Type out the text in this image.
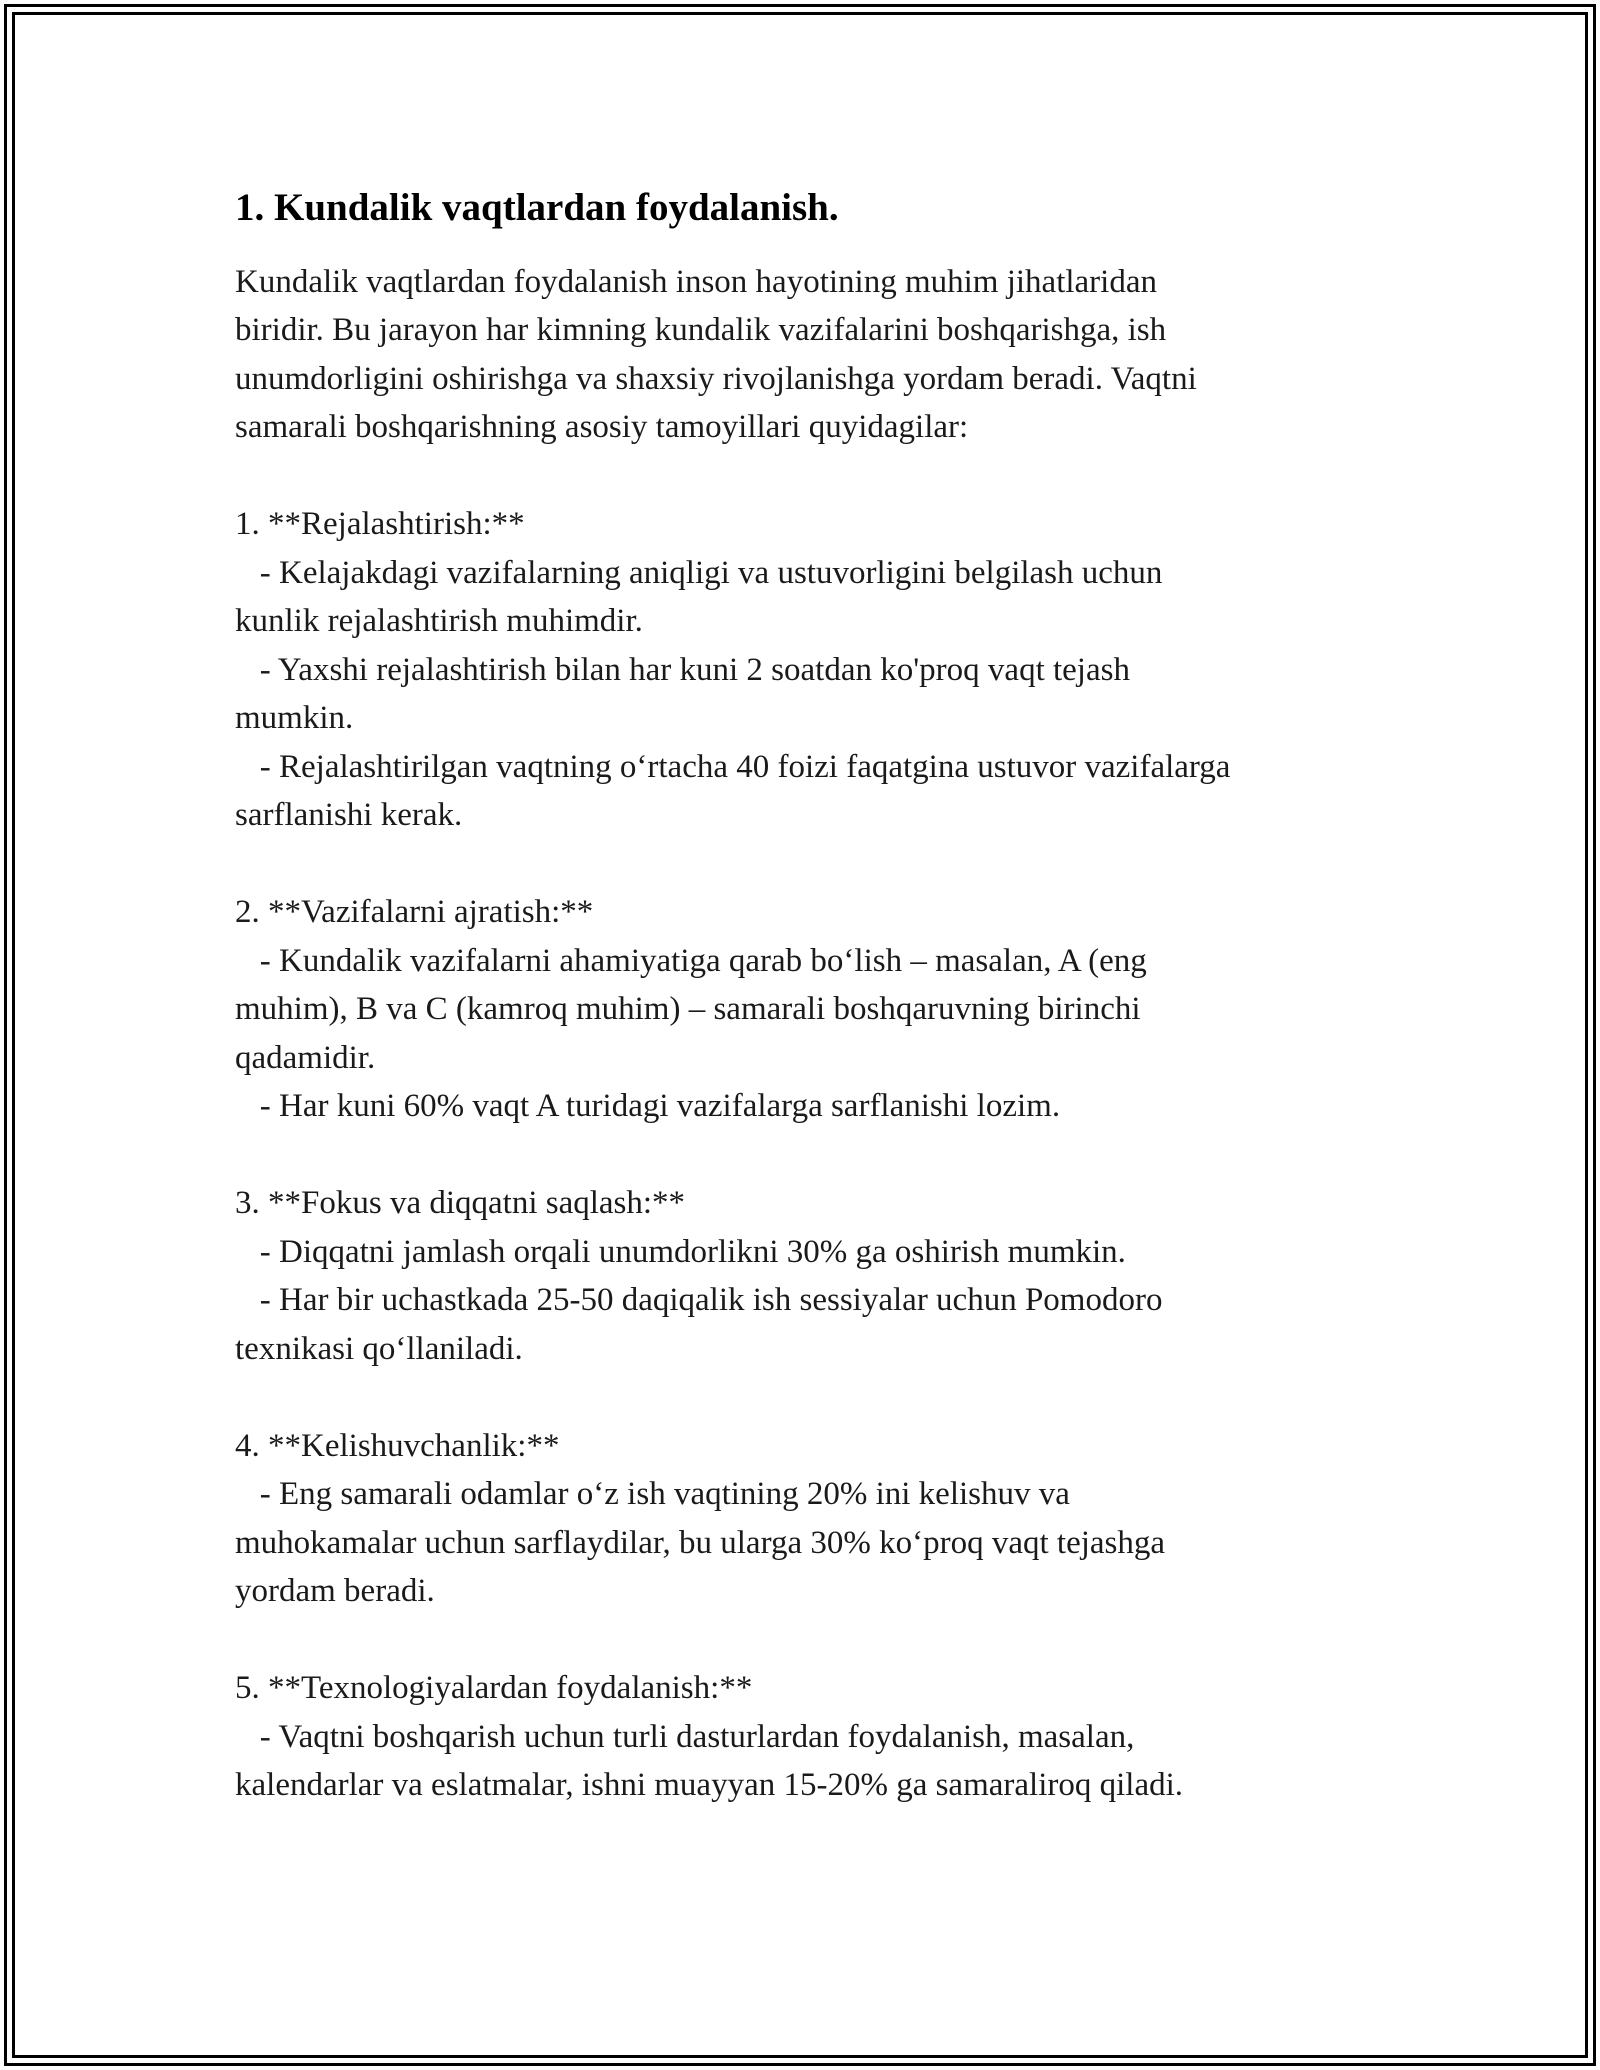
1. Kundalik vaqtlardan foydalanish.

Kundalik vaqtlardan foydalanish inson hayotining muhim jihatlaridan
biridir. Bu jarayon har kimning kundalik vazifalarini boshqarishga, ish
unumdorligini oshirishga va shaxsiy rivojlanishga yordam beradi. Vaqtni
samarali boshqarishning asosiy tamoyillari quyidagilar:

1. **Rejalashtirish:**

- Kelajakdagi vazifalarning aniqligi va ustuvorligini belgilash uchun
kunlik rejalashtirish muhimdir.

- Yaxshi rejalashtirish bilan har kuni 2 soatdan ko'proq vaqt tejash
mumkin.

- Rejalashtirilgan vaqtning o‘rtacha 40 foizi faqatgina ustuvor vazifalarga
sarflanishi kerak.

2. **Vazifalarni ajratish:**

- Kundalik vazifalarni ahamiyatiga qarab bo‘lish – masalan, A (eng
muhim), B va C (kamroq muhim) – samarali boshqaruvning birinchi
qadamidir.

- Har kuni 60% vaqt A turidagi vazifalarga sarflanishi lozim.

3. **Fokus va diqqatni saqlash:**

- Diqqatni jamlash orqali unumdorlikni 30% ga oshirish mumkin.

- Har bir uchastkada 25-50 daqiqalik ish sessiyalar uchun Pomodoro
texnikasi qo‘llaniladi.

4. **Kelishuvchanlik:**

- Eng samarali odamlar o‘z ish vaqtining 20% ini kelishuv va
muhokamalar uchun sarflaydilar, bu ularga 30% ko‘proq vaqt tejashga
yordam beradi.

5. **Texnologiyalardan foydalanish:**

- Vaqtni boshqarish uchun turli dasturlardan foydalanish, masalan,
kalendarlar va eslatmalar, ishni muayyan 15-20% ga samaraliroq qiladi.
